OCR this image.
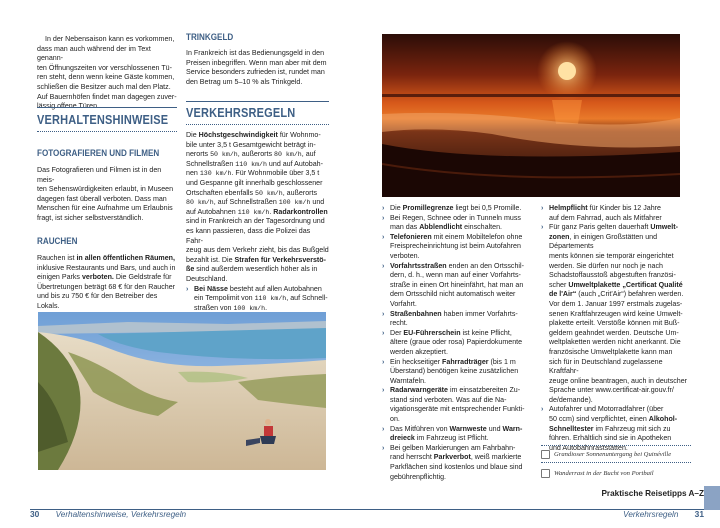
In der Nebensaison kann es vorkommen,

dass man auch während der im Text genann-

ten Öffnungszeiten vor verschlossenen Tü-

ren steht, denn wenn keine Gäste kommen,

schließen die Besitzer auch mal den Platz.

Auf Bauernhöfen findet man dagegen zuver-

lässig offene Türen.

VERHALTENSHINWEISE
FOTOGRAFIEREN UND FILMEN

Das Fotografieren und Filmen ist in den meis-

ten Sehenswürdigkeiten erlaubt, in Museen

dagegen fast überall verboten. Dass man

Menschen für eine Aufnahme um Erlaubnis

fragt, ist sicher selbstverständlich.

RAUCHEN

Rauchen ist in allen öffentlichen Räumen,

inklusive Restaurants und Bars, und auch in

einigen Parks verboten. Die Geldstrafe für

Übertretungen beträgt 68 € für den Raucher

und bis zu 750 € für den Betreiber des Lokals.

TRINKGELD

In Frankreich ist das Bedienungsgeld in den

Preisen inbegriffen. Wenn man aber mit dem

Service besonders zufrieden ist, rundet man

den Betrag um 5–10 % als Trinkgeld.

VERKEHRSREGELN

Die Höchstgeschwindigkeit für Wohnmo-

bile unter 3,5 t Gesamtgewicht beträgt in-

nerorts 50 km/h, außerorts 80 km/h, auf

Schnellstraßen 110 km/h und auf Autobah-

nen 130 km/h. Für Wohnmobile über 3,5 t

und Gespanne gilt innerhalb geschlossener

Ortschaften ebenfalls 50 km/h, außerorts

80 km/h, auf Schnellstraßen 100 km/h und

auf Autobahnen 110 km/h. Radarkontrollen

sind in Frankreich an der Tagesordnung und

es kann passieren, dass die Polizei das Fahr-

zeug aus dem Verkehr zieht, bis das Bußgeld

bezahlt ist. Die Strafen für Verkehrsverstö-

ße sind außerdem wesentlich höher als in

Deutschland.

› Bei Nässe besteht auf allen Autobahnen

ein Tempolimit von 110 km/h, auf Schnell-

straßen von 100 km/h.

30 Verhaltenshinweise, Verkehrsregeln
› Die Promillegrenze liegt bei 0,5 Promille.

› Bei Regen, Schnee oder in Tunneln muss

man das Abblendlicht einschalten.

› Telefonieren mit einem Mobiltelefon ohne

Freisprecheinrichtung ist beim Autofahren

verboten.

› Vorfahrtsstraßen enden an den Ortsschil-

dern, d. h., wenn man auf einer Vorfahrts-

straße in einen Ort hineinfährt, hat man an

dem Ortsschild nicht automatisch weiter

Vorfahrt.

› Straßenbahnen haben immer Vorfahrts-

recht.

› Der EU-Führerschein ist keine Pflicht,

ältere (graue oder rosa) Papierdokumente

werden akzeptiert.

› Ein heckseitiger Fahrradträger (bis 1 m

Überstand) benötigen keine zusätzlichen

Warntafeln.

› Radarwarngeräte im einsatzbereiten Zu-

stand sind verboten. Was auf die Na-

vigationsgeräte mit entsprechender Funkti-

on.

› Das Mitführen von Warnweste und Warn-

dreieck im Fahrzeug ist Pflicht.

› Bei gelben Markierungen am Fahrbahn-

rand herrscht Parkverbot, weiß markierte

Parkflächen sind kostenlos und blaue sind

gebührenpflichtig.

› Helmpflicht für Kinder bis 12 Jahre

auf dem Fahrrad, auch als Mitfahrer

› Für ganz Paris gelten dauerhaft Umwelt-

zonen, in einigen Großstätten und Départements

ments können sie temporär eingerichtet

werden. Sie dürfen nur noch je nach

Schadstoffausstoß abgestuften französi-

scher Umweltplakette „Certificat Qualité

de l'Air“ (auch „Crit'Air“) befahren werden.

Vor dem 1. Januar 1997 erstmals zugelas-

senen Kraftfahrzeugen wird keine Umwelt-

plakette erteilt. Verstöße können mit Buß-

geldern geahndet werden. Deutsche Um-

weltplaketten werden nicht anerkannt. Die

französische Umweltplakette kann man

sich für in Deutschland zugelassene Kraftfahr-

zeuge online beantragen, auch in deutscher

Sprache unter www.certificat-air.gouv.fr/

de/demande).

› Autofahrer und Motorradfahrer (über

50 ccm) sind verpflichtet, einen Alkohol-

Schnelltester im Fahrzeug mit sich zu

führen. Erhältlich sind sie in Apotheken

und Autobahnraststätten.

Grandioser Sonnenuntergang bei Quinéville
Wanderrast in der Bucht von Portbail
Praktische Reisetipps A–Z
Verkehrsregeln 31
